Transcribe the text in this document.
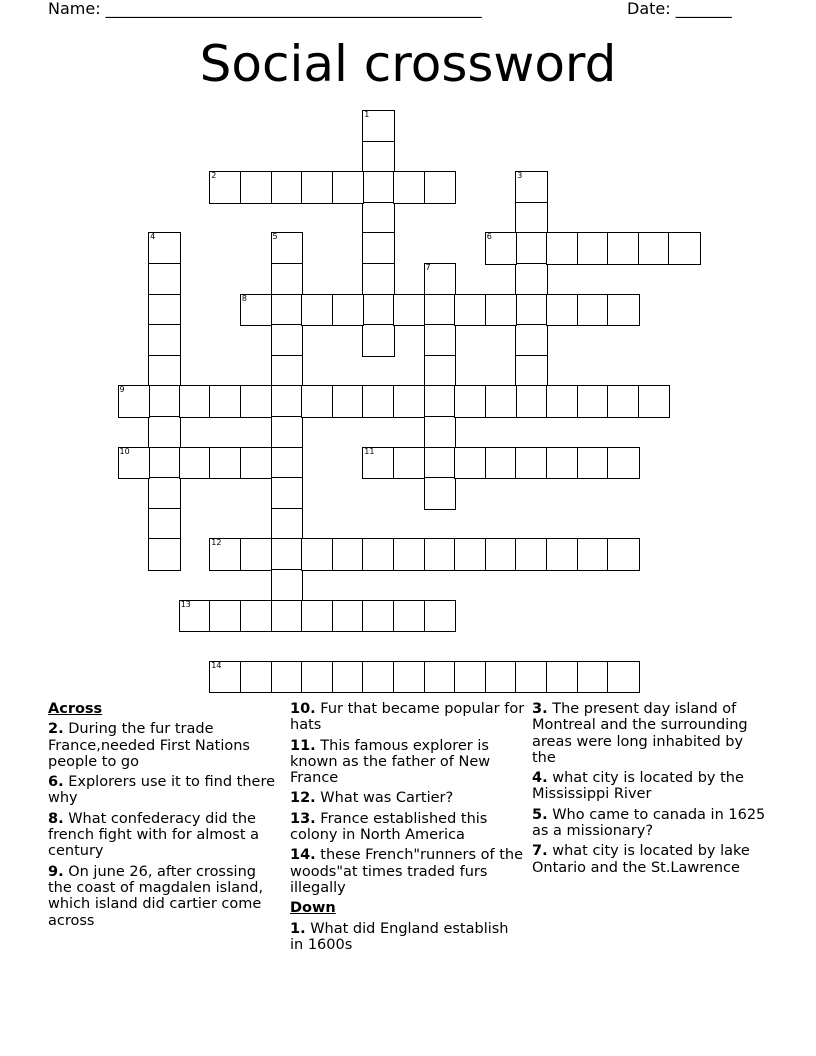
Name: _______________________________________________

	Date: _______

Social crossword
1
2	3
4	5	6
7
8
9
10	11
12
13
14
Across
2. During the fur trade France,needed First Nations people to go
6. Explorers use it to find there why
8. What confederacy did the french fight with for almost a century
9. On june 26, after crossing the coast of magdalen island, which island did cartier come across
10. Fur that became popular for hats
11. This famous explorer is known as the father of New France
12. What was Cartier?
13. France established this colony in North America
14. these French"runners of the woods"at times traded furs illegally
Down
1. What did England establish in 1600s
3. The present day island of Montreal and the surrounding areas were long inhabited by the
4. what city is located by the Mississippi River
5. Who came to canada in 1625 as a missionary?
7. what city is located by lake Ontario and the St.Lawrence
